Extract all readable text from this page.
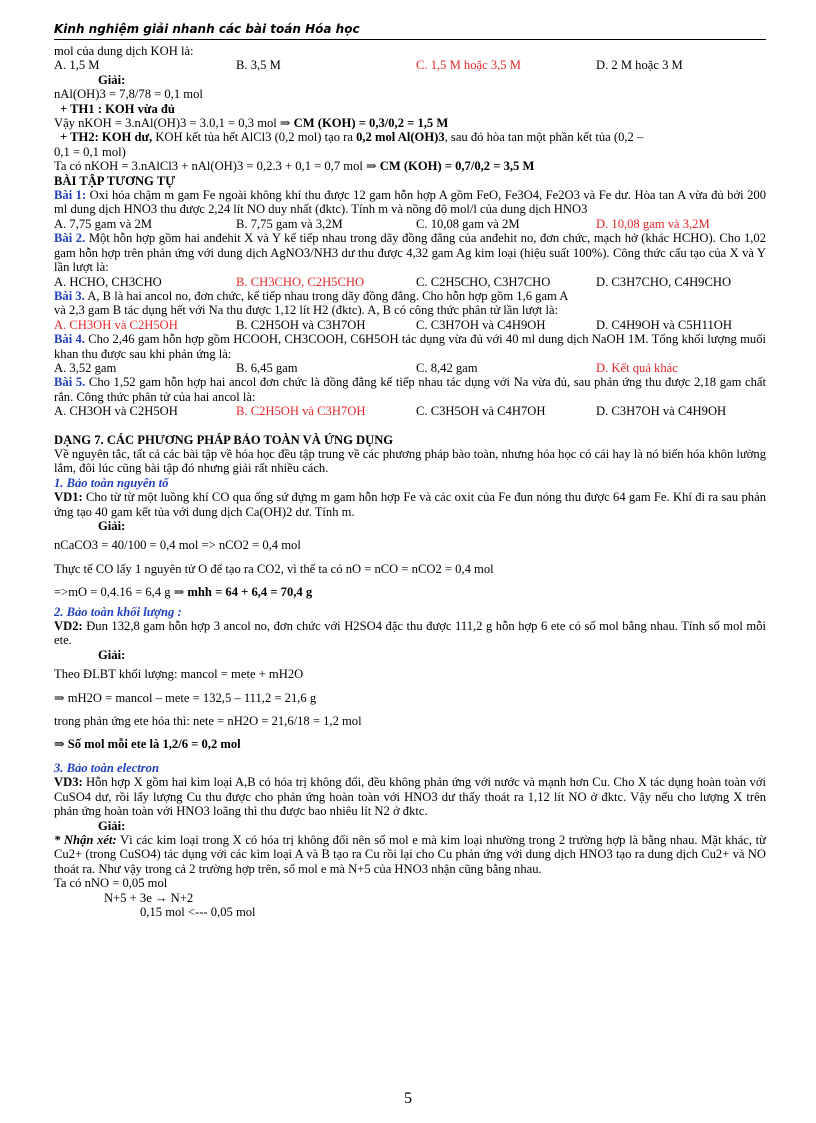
Kinh nghiệm giải nhanh các bài toán Hóa học
mol của dung dịch KOH là:
A. 1,5 M	B. 3,5 M	C. 1,5 M hoặc 3,5 M	D. 2 M hoặc 3 M
Giải:
nAl(OH)3 = 7,8/78 = 0,1 mol
+ TH1 : KOH vừa đủ
Vậy nKOH = 3.nAl(OH)3 = 3.0,1 = 0,3 mol ⇒ CM (KOH) = 0,3/0,2 = 1,5 M
+ TH2: KOH dư, KOH kết tủa hết AlCl3 (0,2 mol) tạo ra 0,2 mol Al(OH)3, sau đó hòa tan một phần kết tủa (0,2 –
0,1 = 0,1 mol)
Ta có nKOH = 3.nAlCl3 + nAl(OH)3 = 0,2.3 + 0,1 = 0,7 mol ⇒ CM (KOH) = 0,7/0,2 = 3,5 M
BÀI TẬP TƯƠNG TỰ
Bài 1: Oxi hóa chậm m gam Fe ngoài không khí thu được 12 gam hỗn hợp A gồm FeO, Fe3O4, Fe2O3 và Fe dư. Hòa tan A vừa đủ bởi 200 ml dung dịch HNO3 thu được 2,24 lít NO duy nhất (đktc). Tính m và nồng độ mol/l của dung dịch HNO3
A. 7,75 gam và 2M	B. 7,75 gam và 3,2M	C. 10,08 gam và 2M	D. 10,08 gam và 3,2M
Bài 2. Một hỗn hợp gồm hai anđehit X và Y kế tiếp nhau trong dãy đồng đẳng của anđehit no, đơn chức, mạch hở (khác HCHO). Cho 1,02 gam hỗn hợp trên phản ứng với dung dịch AgNO3/NH3 dư thu được 4,32 gam Ag kim loại (hiệu suất 100%). Công thức cấu tạo của X và Y lần lượt là:
A. HCHO, CH3CHO	B. CH3CHO, C2H5CHO	C. C2H5CHO, C3H7CHO	D. C3H7CHO, C4H9CHO
Bài 3. A, B là hai ancol no, đơn chức, kế tiếp nhau trong dãy đồng đẳng. Cho hỗn hợp gồm 1,6 gam A
và 2,3 gam B tác dụng hết với Na thu được 1,12 lít H2 (đktc). A, B có công thức phân tử lần lượt là:
A. CH3OH và C2H5OH	B. C2H5OH và C3H7OH	C. C3H7OH và C4H9OH	D. C4H9OH và C5H11OH
Bài 4. Cho 2,46 gam hỗn hợp gồm HCOOH, CH3COOH, C6H5OH tác dụng vừa đủ với 40 ml dung dịch NaOH 1M. Tổng khối lượng muối khan thu được sau khi phản ứng là:
A. 3,52 gam	B. 6,45 gam	C. 8,42 gam	D. Kết quả khác
Bài 5. Cho 1,52 gam hỗn hợp hai ancol đơn chức là đồng đẳng kế tiếp nhau tác dụng với Na vừa đủ, sau phản ứng thu được 2,18 gam chất rắn. Công thức phân tử của hai ancol là:
A. CH3OH và C2H5OH	B. C2H5OH và C3H7OH	C. C3H5OH và C4H7OH	D. C3H7OH và C4H9OH
DẠNG 7. CÁC PHƯƠNG PHÁP BẢO TOÀN VÀ ỨNG DỤNG
Về nguyên tắc, tất cả các bài tập về hóa học đều tập trung về các phương pháp bào toàn, nhưng hóa học có cái hay là nó biến hóa khôn lường lắm, đôi lúc cũng bài tập đó nhưng giải rất nhiều cách.
1. Bảo toàn nguyên tố
VD1: Cho từ từ một luồng khí CO qua ống sứ đựng m gam hỗn hợp Fe và các oxit của Fe đun nóng thu được 64 gam Fe. Khí đi ra sau phản ứng tạo 40 gam kết tủa với dung dịch Ca(OH)2 dư. Tính m.
Giải:
nCaCO3 = 40/100 = 0,4 mol => nCO2 = 0,4 mol
Thực tế CO lấy 1 nguyên tử O để tạo ra CO2, vì thế ta có nO = nCO = nCO2 = 0,4 mol
=>mO = 0,4.16 = 6,4 g ⇒ mhh = 64 + 6,4 = 70,4 g
2. Bảo toàn khối lượng :
VD2: Đun 132,8 gam hỗn hợp 3 ancol no, đơn chức với H2SO4 đặc thu được 111,2 g hỗn hợp 6 ete có số mol bằng nhau. Tính số mol mỗi ete.
Giải:
Theo ĐLBT khối lượng: mancol = mete + mH2O
⇒ mH2O = mancol – mete = 132,5 – 111,2 = 21,6 g
trong phản ứng ete hóa thì: nete = nH2O = 21,6/18 = 1,2 mol
⇒ Số mol mỗi ete là 1,2/6 = 0,2 mol
3. Bảo toàn electron
VD3: Hỗn hợp X gồm hai kim loại A,B có hóa trị không đổi, đều không phản ứng với nước và mạnh hơn Cu. Cho X tác dụng hoàn toàn với CuSO4 dư, rồi lấy lượng Cu thu được cho phản ứng hoàn toàn với HNO3 dư thấy thoát ra 1,12 lít NO ở đktc. Vậy nếu cho lượng X trên phản ứng hoàn toàn với HNO3 loãng thì thu được bao nhiêu lít N2 ở đktc.
Giải:
* Nhận xét: Vì các kim loại trong X có hóa trị không đổi nên số mol e mà kim loại nhường trong 2 trường hợp là bằng nhau. Mặt khác, từ Cu2+ (trong CuSO4) tác dụng với các kim loại A và B tạo ra Cu rồi lại cho Cu phản ứng với dung dịch HNO3 tạo ra dung dịch Cu2+ và NO thoát ra. Như vậy trong cả 2 trường hợp trên, số mol e mà N+5 của HNO3 nhận cũng bằng nhau.
Ta có nNO = 0,05 mol
N+5 + 3e → N+2
0,15 mol <--- 0,05 mol
5
